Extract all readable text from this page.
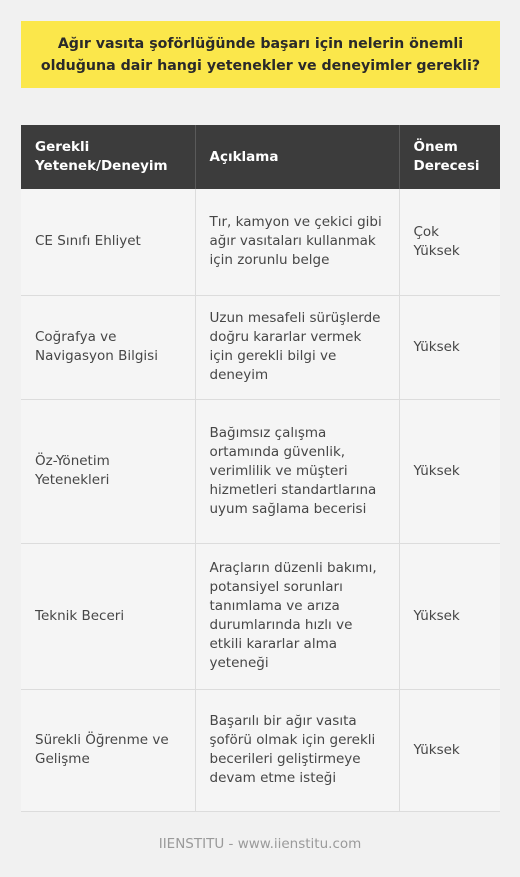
Ağır vasıta şoförlüğünde başarı için nelerin önemli olduğuna dair hangi yetenekler ve deneyimler gerekli?
Gerekli Yetenek/Deneyim	Açıklama	Önem Derecesi
CE Sınıfı Ehliyet	Tır, kamyon ve çekici gibi ağır vasıtaları kullanmak için zorunlu belge	Çok Yüksek
Coğrafya ve Navigasyon Bilgisi	Uzun mesafeli sürüşlerde doğru kararlar vermek için gerekli bilgi ve deneyim	Yüksek
Öz-Yönetim Yetenekleri	Bağımsız çalışma ortamında güvenlik, verimlilik ve müşteri hizmetleri standartlarına uyum sağlama becerisi	Yüksek
Teknik Beceri	Araçların düzenli bakımı, potansiyel sorunları tanımlama ve arıza durumlarında hızlı ve etkili kararlar alma yeteneği	Yüksek
Sürekli Öğrenme ve Gelişme	Başarılı bir ağır vasıta şoförü olmak için gerekli becerileri geliştirmeye devam etme isteği	Yüksek
IIENSTITU - www.iienstitu.com
